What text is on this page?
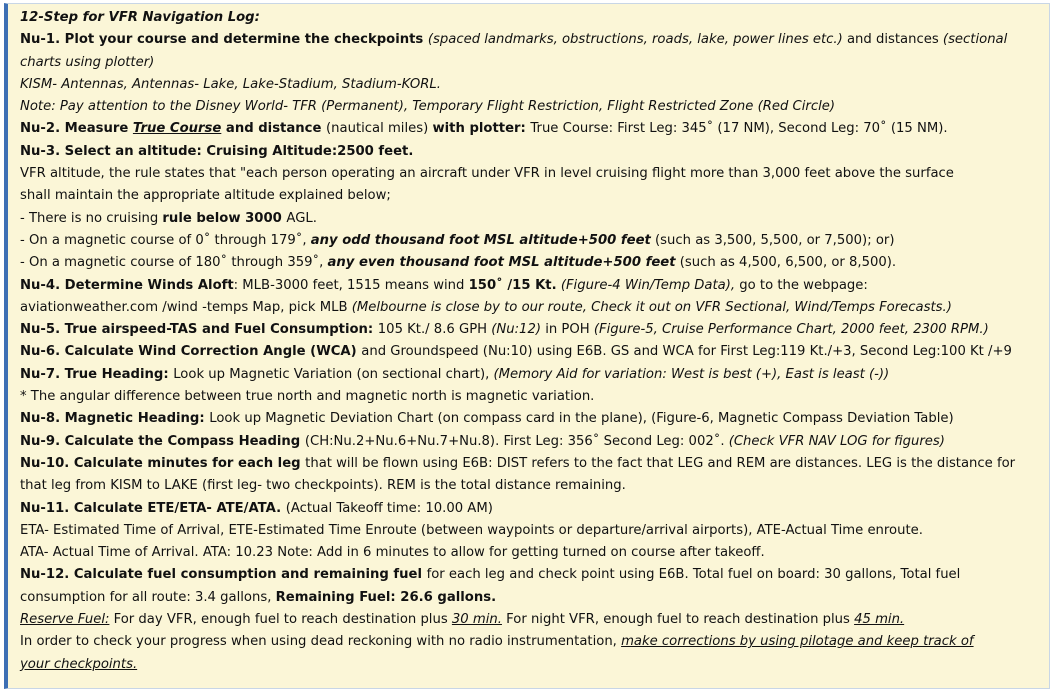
12-Step for VFR Navigation Log:
Nu-1. Plot your course and determine the checkpoints (spaced landmarks, obstructions, roads, lake, power lines etc.) and distances (sectional
charts using plotter)
KISM- Antennas, Antennas- Lake, Lake-Stadium, Stadium-KORL.
Note: Pay attention to the Disney World- TFR (Permanent), Temporary Flight Restriction, Flight Restricted Zone (Red Circle)
Nu-2. Measure True Course and distance (nautical miles) with plotter: True Course: First Leg: 345˚ (17 NM), Second Leg: 70˚ (15 NM).
Nu-3. Select an altitude: Cruising Altitude:2500 feet.
VFR altitude, the rule states that "each person operating an aircraft under VFR in level cruising flight more than 3,000 feet above the surface
shall maintain the appropriate altitude explained below;
- There is no cruising rule below 3000 AGL.
- On a magnetic course of 0˚ through 179˚, any odd thousand foot MSL altitude+500 feet (such as 3,500, 5,500, or 7,500); or)
- On a magnetic course of 180˚ through 359˚, any even thousand foot MSL altitude+500 feet (such as 4,500, 6,500, or 8,500).
Nu-4. Determine Winds Aloft: MLB-3000 feet, 1515 means wind 150˚ /15 Kt. (Figure-4 Win/Temp Data), go to the webpage:
aviationweather.com /wind -temps Map, pick MLB (Melbourne is close by to our route, Check it out on VFR Sectional, Wind/Temps Forecasts.)
Nu-5. True airspeed-TAS and Fuel Consumption: 105 Kt./ 8.6 GPH (Nu:12) in POH (Figure-5, Cruise Performance Chart, 2000 feet, 2300 RPM.)
Nu-6. Calculate Wind Correction Angle (WCA) and Groundspeed (Nu:10) using E6B. GS and WCA for First Leg:119 Kt./+3, Second Leg:100 Kt /+9
Nu-7. True Heading: Look up Magnetic Variation (on sectional chart), (Memory Aid for variation: West is best (+), East is least (-))
* The angular difference between true north and magnetic north is magnetic variation.
Nu-8. Magnetic Heading: Look up Magnetic Deviation Chart (on compass card in the plane), (Figure-6, Magnetic Compass Deviation Table)
Nu-9. Calculate the Compass Heading (CH:Nu.2+Nu.6+Nu.7+Nu.8). First Leg: 356˚ Second Leg: 002˚. (Check VFR NAV LOG for figures)
Nu-10. Calculate minutes for each leg that will be flown using E6B: DIST refers to the fact that LEG and REM are distances. LEG is the distance for
that leg from KISM to LAKE (first leg- two checkpoints). REM is the total distance remaining.
Nu-11. Calculate ETE/ETA- ATE/ATA. (Actual Takeoff time: 10.00 AM)
ETA- Estimated Time of Arrival, ETE-Estimated Time Enroute (between waypoints or departure/arrival airports), ATE-Actual Time enroute.
ATA- Actual Time of Arrival. ATA: 10.23 Note: Add in 6 minutes to allow for getting turned on course after takeoff.
Nu-12. Calculate fuel consumption and remaining fuel for each leg and check point using E6B. Total fuel on board: 30 gallons, Total fuel
consumption for all route: 3.4 gallons, Remaining Fuel: 26.6 gallons.
Reserve Fuel: For day VFR, enough fuel to reach destination plus 30 min. For night VFR, enough fuel to reach destination plus 45 min.
In order to check your progress when using dead reckoning with no radio instrumentation, make corrections by using pilotage and keep track of
your checkpoints.
